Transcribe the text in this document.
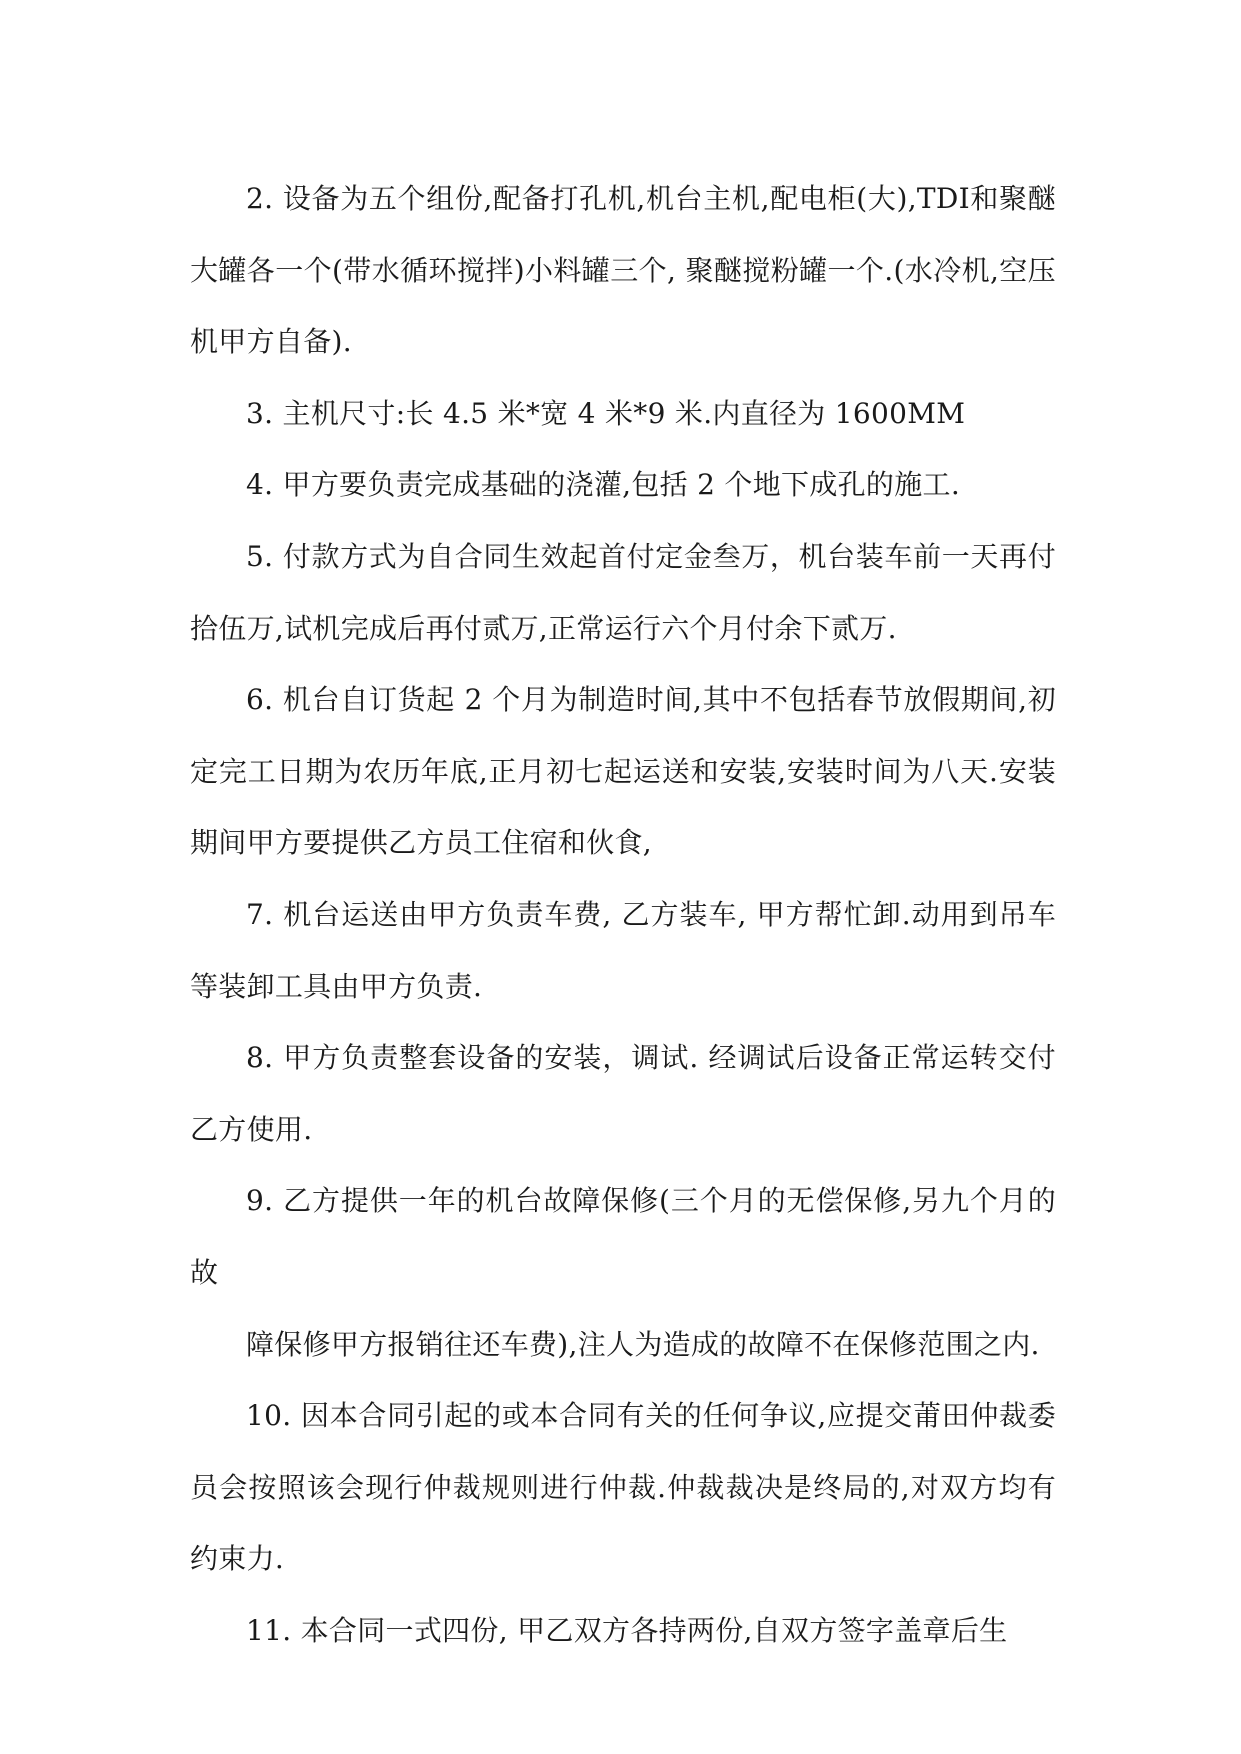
2. 设备为五个组份,配备打孔机,机台主机,配电柜(大),TDI和聚醚大罐各一个(带水循环搅拌)小料罐三个, 聚醚搅粉罐一个.(水冷机,空压机甲方自备).

3. 主机尺寸:长 4.5 米*宽 4 米*9 米.内直径为 1600MM

4. 甲方要负责完成基础的浇灌,包括 2 个地下成孔的施工.

5. 付款方式为自合同生效起首付定金叁万，机台装车前一天再付拾伍万,试机完成后再付贰万,正常运行六个月付余下贰万.

6. 机台自订货起 2 个月为制造时间,其中不包括春节放假期间,初定完工日期为农历年底,正月初七起运送和安装,安装时间为八天.安装期间甲方要提供乙方员工住宿和伙食,

7. 机台运送由甲方负责车费, 乙方装车, 甲方帮忙卸.动用到吊车等装卸工具由甲方负责.

8. 甲方负责整套设备的安装，调试. 经调试后设备正常运转交付乙方使用.

9. 乙方提供一年的机台故障保修(三个月的无偿保修,另九个月的故

障保修甲方报销往还车费),注人为造成的故障不在保修范围之内.

10. 因本合同引起的或本合同有关的任何争议,应提交莆田仲裁委员会按照该会现行仲裁规则进行仲裁.仲裁裁决是终局的,对双方均有约束力.

11. 本合同一式四份, 甲乙双方各持两份,自双方签字盖章后生
